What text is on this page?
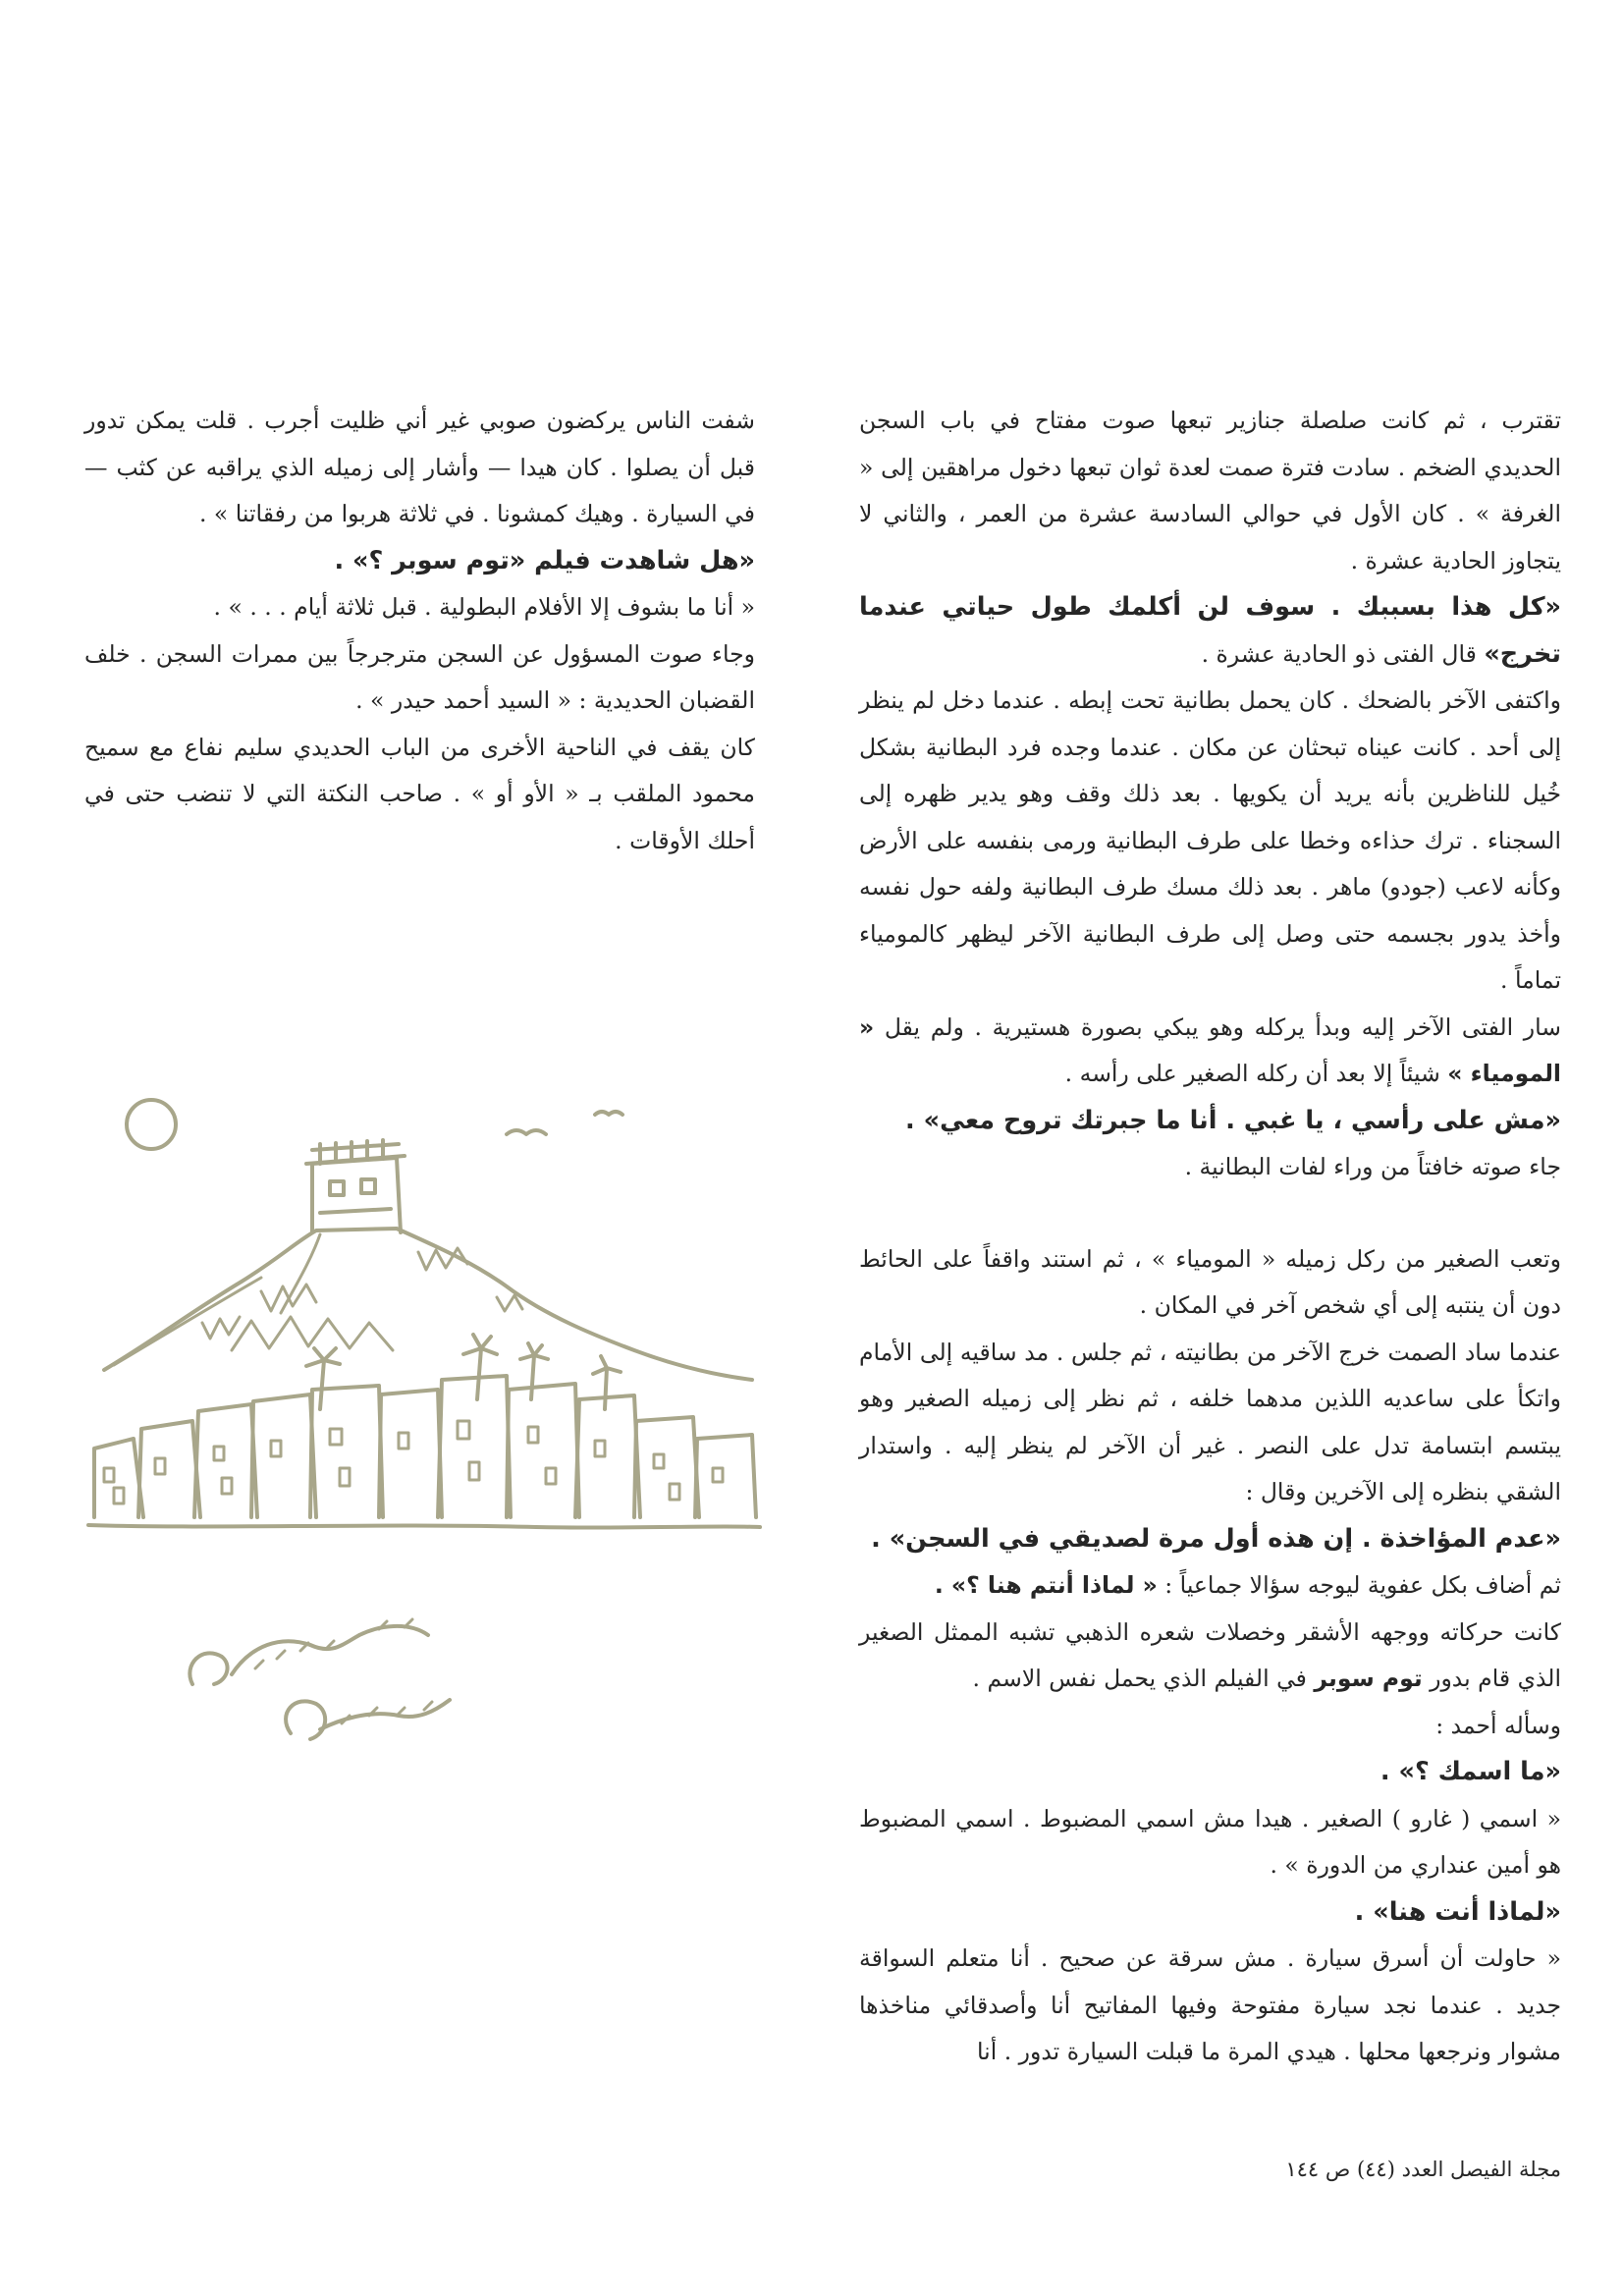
تقترب ، ثم كانت صلصلة جنازير تبعها صوت مفتاح في باب السجن الحديدي الضخم . سادت فترة صمت لعدة ثوان تبعها دخول مراهقين إلى « الغرفة » . كان الأول في حوالي السادسة عشرة من العمر ، والثاني لا يتجاوز الحادية عشرة .

«كل هذا بسببك . سوف لن أكلمك طول حياتي عندما تخرج» قال الفتى ذو الحادية عشرة .

واكتفى الآخر بالضحك . كان يحمل بطانية تحت إبطه . عندما دخل لم ينظر إلى أحد . كانت عيناه تبحثان عن مكان . عندما وجده فرد البطانية بشكل خُيل للناظرين بأنه يريد أن يكويها . بعد ذلك وقف وهو يدير ظهره إلى السجناء . ترك حذاءه وخطا على طرف البطانية ورمى بنفسه على الأرض وكأنه لاعب (جودو) ماهر . بعد ذلك مسك طرف البطانية ولفه حول نفسه وأخذ يدور بجسمه حتى وصل إلى طرف البطانية الآخر ليظهر كالمومياء تماماً .

سار الفتى الآخر إليه وبدأ يركله وهو يبكي بصورة هستيرية . ولم يقل « المومياء » شيئاً إلا بعد أن ركله الصغير على رأسه .

«مش على رأسي ، يا غبي . أنا ما جبرتك تروح معي» .

جاء صوته خافتاً من وراء لفات البطانية .

وتعب الصغير من ركل زميله « المومياء » ، ثم استند واقفاً على الحائط دون أن ينتبه إلى أي شخص آخر في المكان .

عندما ساد الصمت خرج الآخر من بطانيته ، ثم جلس . مد ساقيه إلى الأمام واتكأ على ساعديه اللذين مدهما خلفه ، ثم نظر إلى زميله الصغير وهو يبتسم ابتسامة تدل على النصر . غير أن الآخر لم ينظر إليه . واستدار الشقي بنظره إلى الآخرين وقال :

«عدم المؤاخذة . إن هذه أول مرة لصديقي في السجن» .

ثم أضاف بكل عفوية ليوجه سؤالا جماعياً : « لماذا أنتم هنا ؟» .

كانت حركاته ووجهه الأشقر وخصلات شعره الذهبي تشبه الممثل الصغير الذي قام بدور توم سوبر في الفيلم الذي يحمل نفس الاسم .

وسأله أحمد :

«ما اسمك ؟» .

« اسمي ( غارو ) الصغير . هيدا مش اسمي المضبوط . اسمي المضبوط هو أمين عنداري من الدورة » .

«لماذا أنت هنا» .

« حاولت أن أسرق سيارة . مش سرقة عن صحيح . أنا متعلم السواقة جديد . عندما نجد سيارة مفتوحة وفيها المفاتيح أنا وأصدقائي مناخذها مشوار ونرجعها محلها . هيدي المرة ما قبلت السيارة تدور . أنا

شفت الناس يركضون صوبي غير أني ظليت أجرب . قلت يمكن تدور قبل أن يصلوا . كان هيدا — وأشار إلى زميله الذي يراقبه عن كثب — في السيارة . وهيك كمشونا . في ثلاثة هربوا من رفقاتنا » .

«هل شاهدت فيلم «توم سوبر ؟» .

« أنا ما بشوف إلا الأفلام البطولية . قبل ثلاثة أيام . . . » .

وجاء صوت المسؤول عن السجن مترجرجاً بين ممرات السجن . خلف القضبان الحديدية : « السيد أحمد حيدر » .

كان يقف في الناحية الأخرى من الباب الحديدي سليم نفاع مع سميح محمود الملقب بـ « الأو أو » . صاحب النكتة التي لا تنضب حتى في أحلك الأوقات .

مجلة الفيصل العدد (٤٤) ص ١٤٤
